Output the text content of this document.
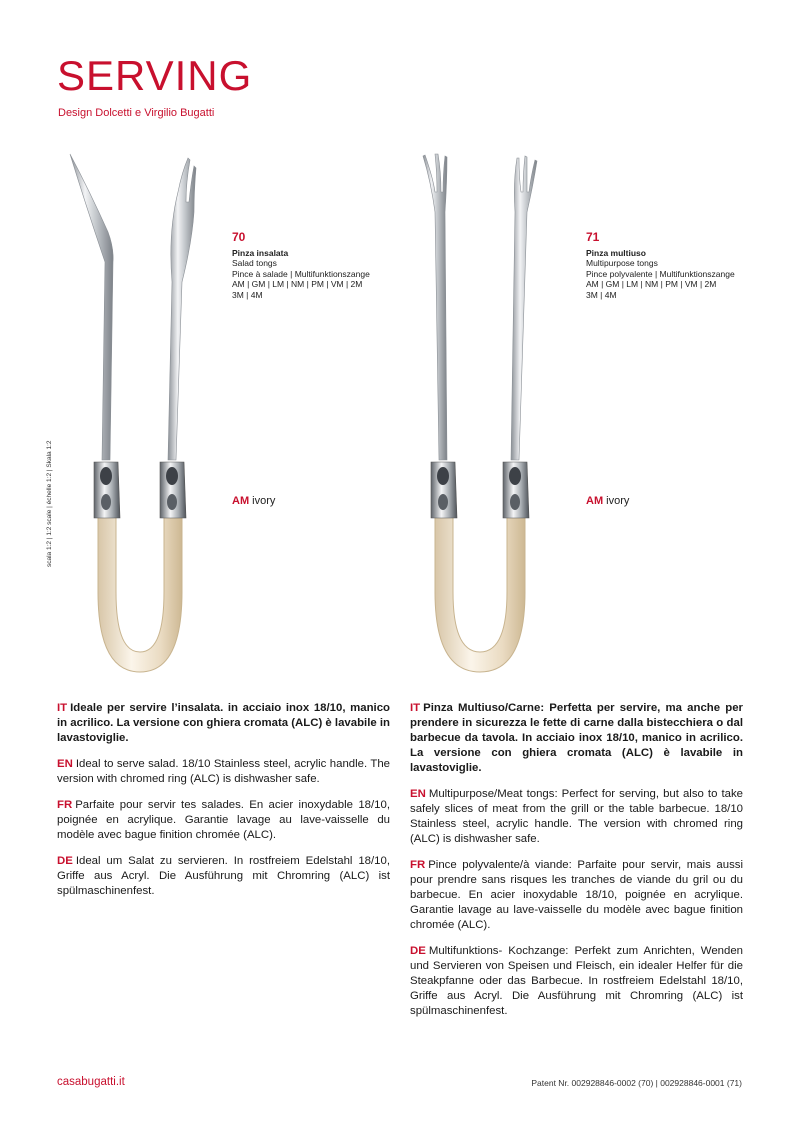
SERVING
Design Dolcetti e Virgilio Bugatti
scala 1:2 | 1:2 scale | échelle 1:2 | Skala 1:2
70
Pinza insalata
Salad tongs
Pince à salade | Multifunktionszange
AM | GM | LM | NM | PM | VM | 2M
3M | 4M
AM ivory
71
Pinza multiuso
Multipurpose tongs
Pince polyvalente | Multifunktionszange
AM | GM | LM | NM | PM | VM | 2M
3M | 4M
AM ivory

IT Ideale per servire l’insalata. in acciaio inox 18/10, manico in acrilico. La versione con ghiera cromata (ALC) è lavabile in lavastoviglie.

EN Ideal to serve salad. 18/10 Stainless steel, acrylic handle. The version with chromed ring (ALC) is dishwasher safe.

FR Parfaite pour servir tes salades. En acier inoxydable 18/10, poignée en acrylique. Garantie lavage au lave-vaisselle du modèle avec bague finition chromée (ALC).

DE Ideal um Salat zu servieren. In rostfreiem Edelstahl 18/10, Griffe aus Acryl. Die Ausführung mit Chromring (ALC) ist spülmaschinenfest.

IT Pinza Multiuso/Carne: Perfetta per servire, ma anche per prendere in sicurezza le fette di carne dalla bistecchiera o dal barbecue da tavola. In acciaio inox 18/10, manico in acrilico. La versione con ghiera cromata (ALC) è lavabile in lavastoviglie.

EN Multipurpose/Meat tongs: Perfect for serving, but also to take safely slices of meat from the grill or the table barbecue. 18/10 Stainless steel, acrylic handle. The version with chromed ring (ALC) is dishwasher safe.

FR Pince polyvalente/à viande: Parfaite pour servir, mais aussi pour prendre sans risques les tranches de viande du gril ou du barbecue. En acier inoxydable 18/10, poignée en acrylique. Garantie lavage au lave-vaisselle du modèle avec bague finition chromée (ALC).

DE Multifunktions- Kochzange: Perfekt zum Anrichten, Wenden und Servieren von Speisen und Fleisch, ein idealer Helfer für die Steakpfanne oder das Barbecue. In rostfreiem Edelstahl 18/10, Griffe aus Acryl. Die Ausführung mit Chromring (ALC) ist spülmaschinenfest.

casabugatti.it	Patent Nr. 002928846-0002 (70) | 002928846-0001 (71)
